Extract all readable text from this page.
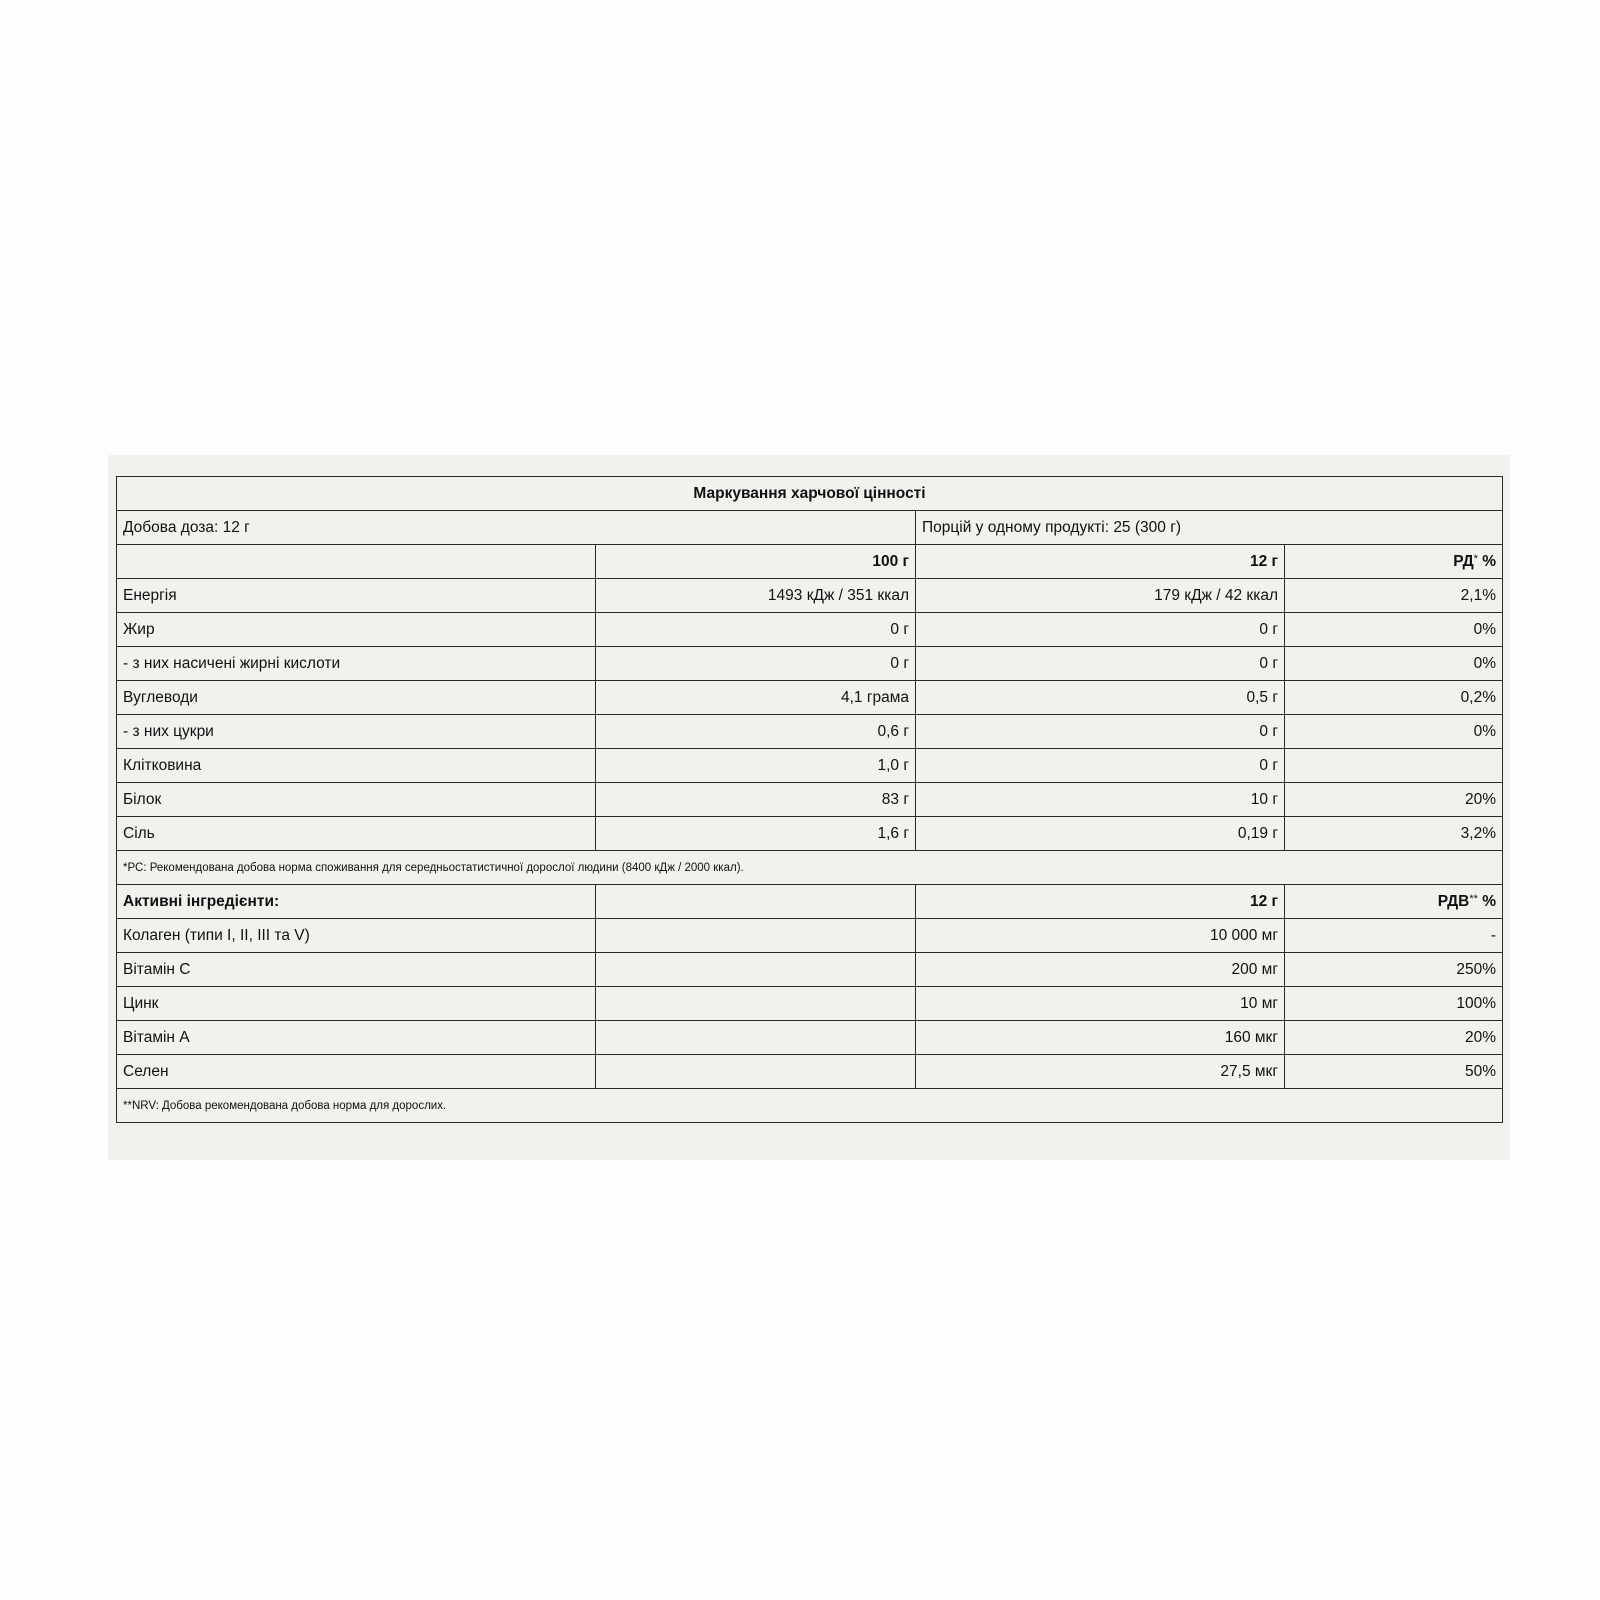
Маркування харчової цінності			
Добова доза: 12 г		Порцій у одному продукті: 25 (300 г)	
	100 г	12 г	РД* %
Енергія	1493 кДж / 351 ккал	179 кДж / 42 ккал	2,1%
Жир	0 г	0 г	0%
- з них насичені жирні кислоти	0 г	0 г	0%
Вуглеводи	4,1 грама	0,5 г	0,2%
- з них цукри	0,6 г	0 г	0%
Клітковина	1,0 г	0 г	
Білок	83 г	10 г	20%
Сіль	1,6 г	0,19 г	3,2%
*РС: Рекомендована добова норма споживання для середньостатистичної дорослої людини (8400 кДж / 2000 ккал).			
Активні інгредієнти:		12 г	РДВ** %
Колаген (типи I, II, III та V)		10 000 мг	-
Вітамін С		200 мг	250%
Цинк		10 мг	100%
Вітамін А		160 мкг	20%
Селен		27,5 мкг	50%
**NRV: Добова рекомендована добова норма для дорослих.			
